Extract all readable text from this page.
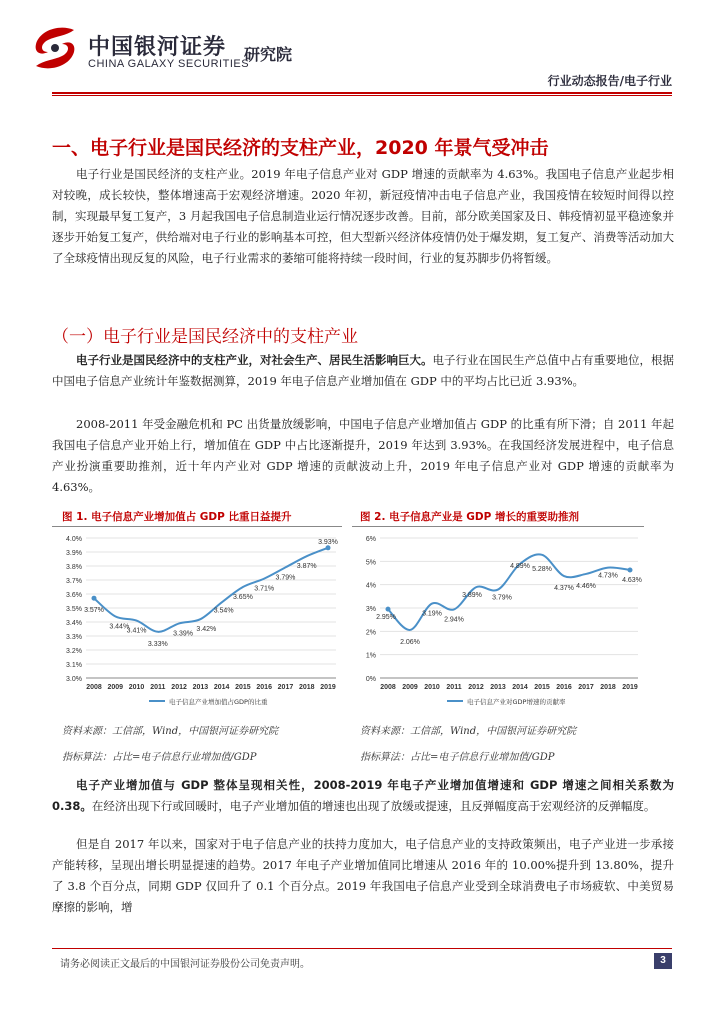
中国银河证券
CHINA GALAXY SECURITIES
研究院
行业动态报告/电子行业
一、电子行业是国民经济的支柱产业，2020 年景气受冲击

电子行业是国民经济的支柱产业。2019 年电子信息产业对 GDP 增速的贡献率为 4.63%。我国电子信息产业起步相对较晚，成长较快，整体增速高于宏观经济增速。2020 年初，新冠疫情冲击电子信息产业，我国疫情在较短时间得以控制，实现最早复工复产，3 月起我国电子信息制造业运行情况逐步改善。目前，部分欧美国家及日、韩疫情初显平稳迹象并逐步开始复工复产，供给端对电子行业的影响基本可控，但大型新兴经济体疫情仍处于爆发期，复工复产、消费等活动加大了全球疫情出现反复的风险，电子行业需求的萎缩可能将持续一段时间，行业的复苏脚步仍将暂缓。

（一）电子行业是国民经济中的支柱产业

电子行业是国民经济中的支柱产业，对社会生产、居民生活影响巨大。电子行业在国民生产总值中占有重要地位，根据中国电子信息产业统计年鉴数据测算，2019 年电子信息产业增加值在 GDP 中的平均占比已近 3.93%。

2008-2011 年受金融危机和 PC 出货量放缓影响，中国电子信息产业增加值占 GDP 的比重有所下滑；自 2011 年起我国电子信息产业开始上行，增加值在 GDP 中占比逐渐提升，2019 年达到 3.93%。在我国经济发展进程中，电子信息产业扮演重要助推剂，近十年内产业对 GDP 增速的贡献波动上升，2019 年电子信息产业对 GDP 增速的贡献率为 4.63%。

图 1. 电子信息产业增加值占 GDP 比重日益提升	图 2. 电子信息产业是 GDP 增长的重要助推剂
3.0%
3.1%
3.2%
3.3%
3.4%
3.5%
3.6%
3.7%
3.8%
3.9%
4.0%
2008 2009 2010 2011 2012 2013 2014 2015 2016 2017 2018 2019
3.57%
3.44%
3.41%
3.33%
3.39%
3.42%
3.54%
3.65%
3.71%
3.79%
3.87%
3.93%
电子信息产业增加值占GDP的比重
0%
1%
2%
3%
4%
5%
6%
2008 2009 2010 2011 2012 2013 2014 2015 2016 2017 2018 2019
2.95%
2.06%
3.19%
2.94%
3.89% 3.79%
4.89% 5.28%
4.37% 4.46%
4.73%
4.63%
电子信息产业对GDP增速的贡献率
资料来源：工信部，Wind，中国银河证券研究院	资料来源：工信部，Wind，中国银河证券研究院
指标算法：占比=电子信息行业增加值/GDP	指标算法：占比=电子信息行业增加值/GDP

电子产业增加值与 GDP 整体呈现相关性，2008-2019 年电子产业增加值增速和 GDP 增速之间相关系数为 0.38。在经济出现下行或回暖时，电子产业增加值的增速也出现了放缓或提速，且反弹幅度高于宏观经济的反弹幅度。

但是自 2017 年以来，国家对于电子信息产业的扶持力度加大，电子信息产业的支持政策频出，电子产业进一步承接产能转移，呈现出增长明显提速的趋势。2017 年电子产业增加值同比增速从 2016 年的 10.00%提升到 13.80%，提升了 3.8 个百分点，同期 GDP 仅回升了 0.1 个百分点。2019 年我国电子信息产业受到全球消费电子市场疲软、中美贸易摩擦的影响，增

请务必阅读正文最后的中国银河证券股份公司免责声明。	3
